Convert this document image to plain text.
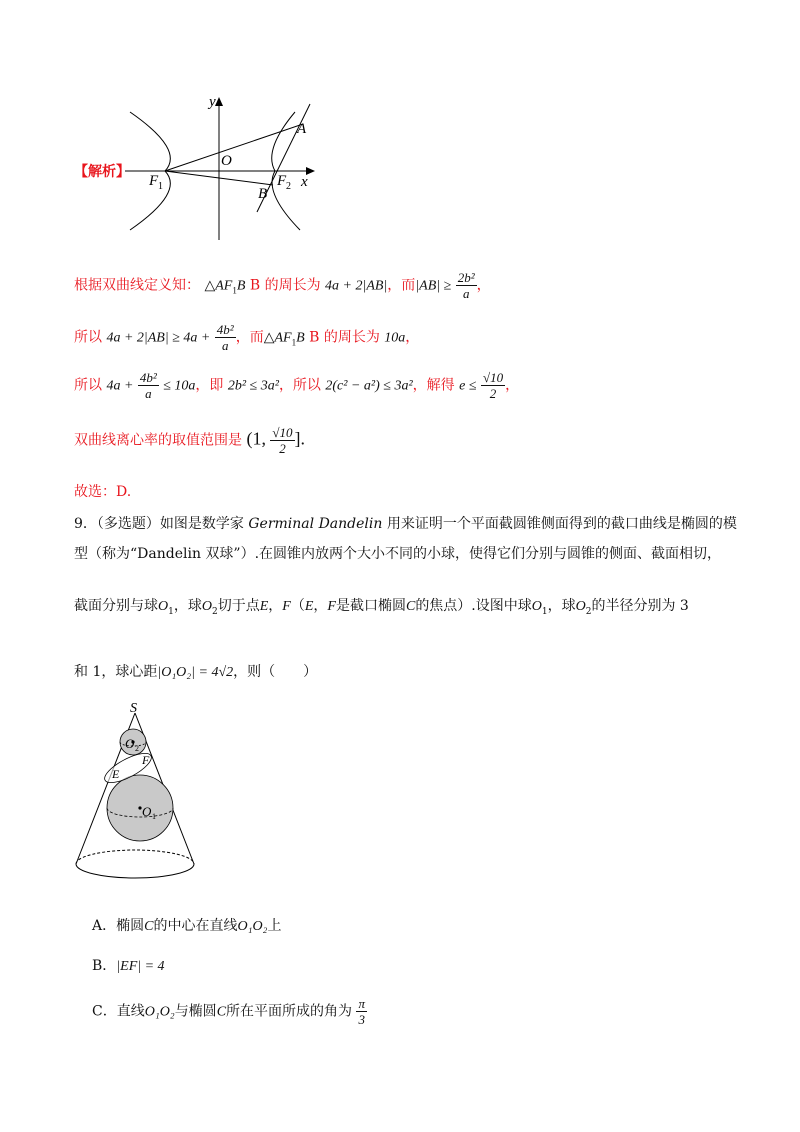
y
x
O
A
B
F 1	F 2
【解析】
根据双曲线定义知： $\triangle AF_1B$ B 的周长为 4a + 2|AB|，而$|AB| \ge \frac{\text{2b²}}{a}$ ，
所以 $4a + 2|AB| \ge 4a + \frac{\text{4b²}}{a}$ ，而$\triangle AF_1B$ B 的周长为 10a，
所以 $4a + \frac{\text{4b²}}{a} \le 10a$，即 2b² ≤ 3a²，所以 2(c² − a²) ≤ 3a²，解得 $e \le \frac{√10}{2}$ ，
双曲线离心率的取值范围是 (1, $\frac{√10}{2}$ ].
故选：D.
9．（多选题）如图是数学家 Germinal Dandelin 用来证明一个平面截圆锥侧面得到的截口曲线是椭圆的模
型（称为“Dandelin 双球”）.在圆锥内放两个大小不同的小球，使得它们分别与圆锥的侧面、截面相切，
截面分别与球$O_1$，球$O_2$切于点E，F（E，F是截口椭圆C的焦点）.设图中球$O_1$，球$O_2$的半径分别为 3
和 1，球心距|O₁O₂| = 4√2，则（　　）
S
O 2
O 1
E
F
A．椭圆C的中心在直线O₁O₂上
B．|EF| = 4
C．直线O₁O₂与椭圆C所在平面所成的角为 $\frac{\pi}{3}$
